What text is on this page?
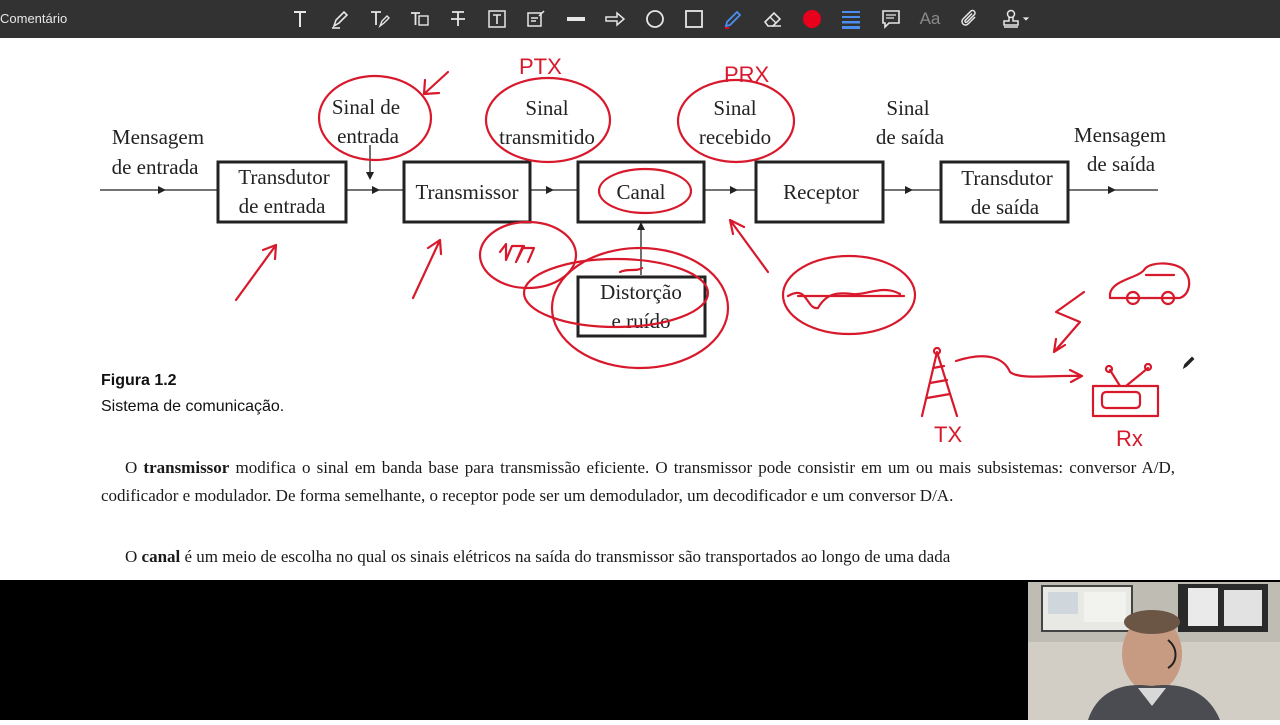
Comentário	Aa
Mensagem
de entrada
Sinal de
entrada
Sinal
transmitido
Sinal
recebido
Sinal
de saída	Mensagem
de saída
Transdutor
de entrada
Transmissor	Canal	Receptor
Transdutor
de saída
Distorção
e ruído
PTX	PRX
TX	Rx
Figura 1.2
Sistema de comunicação.
O transmissor modifica o sinal em banda base para transmissão eficiente. O transmissor pode consistir em um ou mais subsistemas: conversor A/D, codificador e modulador. De forma semelhante, o receptor pode ser um demodulador, um decodificador e um conversor D/A.
O canal é um meio de escolha no qual os sinais elétricos na saída do transmissor são transportados ao longo de uma dada
